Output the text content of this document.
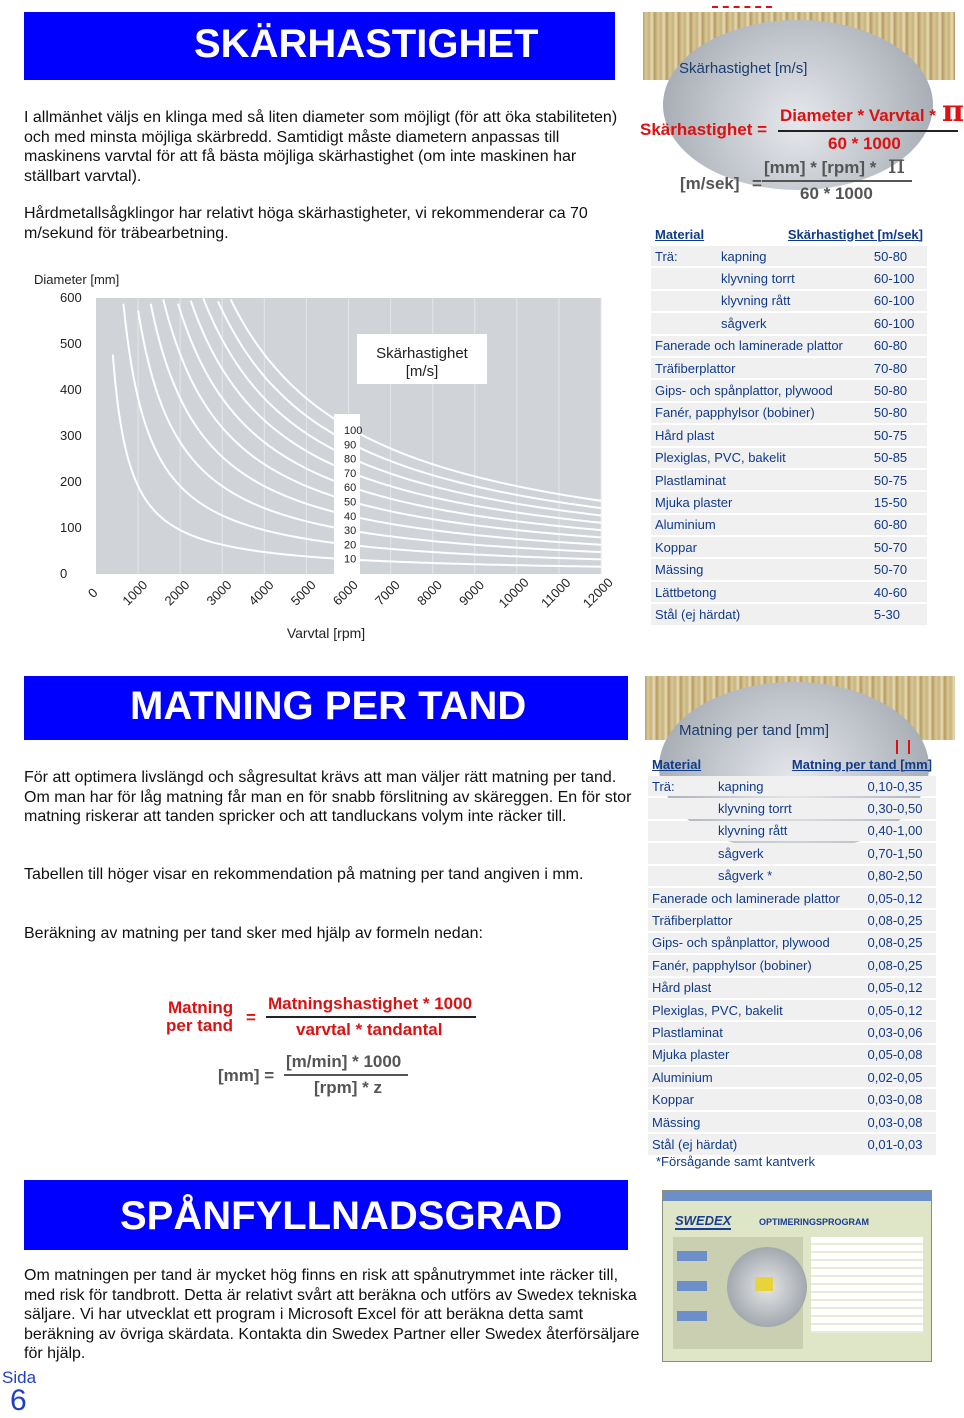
SKÄRHASTIGHET
Skärhastighet [m/s]
I allmänhet väljs en klinga med så liten diameter som möjligt (för att öka stabiliteten) och med minsta möjliga skärbredd. Samtidigt måste diametern anpassas till maskinens varvtal för att få bästa möjliga skärhastighet (om inte maskinen har ställbart varvtal).
Hårdmetallsågklingor har relativt höga skärhastigheter, vi rekommenderar ca 70 m/sekund för träbearbetning.
Diameter [mm]
600
500
400
300
200
100
0
0 1000 2000 3000 4000 5000 6000 7000 8000 9000 10000 11000 12000
Skärhastighet
[m/s]
100
90
80
70
60
50
40
30
20
10
Varvtal [rpm]
Skärhastighet =
Diameter * Varvtal * π
60 * 1000
[m/sek] =
[mm] * [rpm] * π
60 * 1000
Material	Skärhastighet [m/sek]	
Trä:	kapning	50-80
	klyvning torrt	60-100
	klyvning rått	60-100
	sågverk	60-100
Fanerade och laminerade plattor		60-80
Träfiberplattor		70-80
Gips- och spånplattor, plywood		50-80
Fanér, papphylsor (bobiner)		50-80
Hård plast		50-75
Plexiglas, PVC, bakelit		50-85
Plastlaminat		50-75
Mjuka plaster		15-50
Aluminium		60-80
Koppar		50-70
Mässing		50-70
Lättbetong		40-60
Stål (ej härdat)		5-30
MATNING PER TAND
Matning per tand [mm]
För att optimera livslängd och sågresultat krävs att man väljer rätt matning per tand. Om man har för låg matning får man en för snabb förslitning av skäreggen. En för stor matning riskerar att tanden spricker och att tandluckans volym inte räcker till.
Tabellen till höger visar en rekommendation på matning per tand angiven i mm.
Beräkning av matning per tand sker med hjälp av formeln nedan:
Matning
per tand =
Matningshastighet * 1000
varvtal * tandantal
[mm] =
[m/min] * 1000
[rpm] * z
Material	Matning per tand [mm]	
Trä:	kapning	0,10-0,35
	klyvning torrt	0,30-0,50
	klyvning rått	0,40-1,00
	sågverk	0,70-1,50
	sågverk *	0,80-2,50
Fanerade och laminerade plattor		0,05-0,12
Träfiberplattor		0,08-0,25
Gips- och spånplattor, plywood		0,08-0,25
Fanér, papphylsor (bobiner)		0,08-0,25
Hård plast		0,05-0,12
Plexiglas, PVC, bakelit		0,05-0,12
Plastlaminat		0,03-0,06
Mjuka plaster		0,05-0,08
Aluminium		0,02-0,05
Koppar		0,03-0,08
Mässing		0,03-0,08
Stål (ej härdat)		0,01-0,03
*Försågande samt kantverk
SPÅNFYLLNADSGRAD
Om matningen per tand är mycket hög finns en risk att spånutrymmet inte räcker till, med risk för tandbrott. Detta är relativt svårt att beräkna och utförs av Swedex tekniska säljare. Vi har utvecklat ett program i Microsoft Excel för att beräkna detta samt beräkning av övriga skärdata. Kontakta din Swedex Partner eller Swedex återförsäljare för hjälp.
SWEDEX	OPTIMERINGSPROGRAM
Sida
6
